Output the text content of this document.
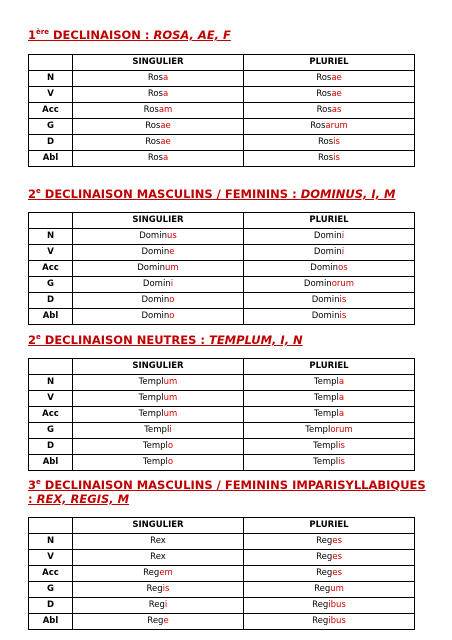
1ère DECLINAISON : ROSA, AE, F
	SINGULIER	PLURIEL
N	Rosa	Rosae
V	Rosa	Rosae
Acc	Rosam	Rosas
G	Rosae	Rosarum
D	Rosae	Rosis
Abl	Rosa	Rosis
2e DECLINAISON MASCULINS / FEMININS : DOMINUS, I, M
	SINGULIER	PLURIEL
N	Dominus	Domini
V	Domine	Domini
Acc	Dominum	Dominos
G	Domini	Dominorum
D	Domino	Dominis
Abl	Domino	Dominis
2e DECLINAISON NEUTRES : TEMPLUM, I, N
	SINGULIER	PLURIEL
N	Templum	Templa
V	Templum	Templa
Acc	Templum	Templa
G	Templi	Templorum
D	Templo	Templis
Abl	Templo	Templis
3e DECLINAISON MASCULINS / FEMININS IMPARISYLLABIQUES : REX, REGIS, M
	SINGULIER	PLURIEL
N	Rex	Reges
V	Rex	Reges
Acc	Regem	Reges
G	Regis	Regum
D	Regi	Regibus
Abl	Rege	Regibus
